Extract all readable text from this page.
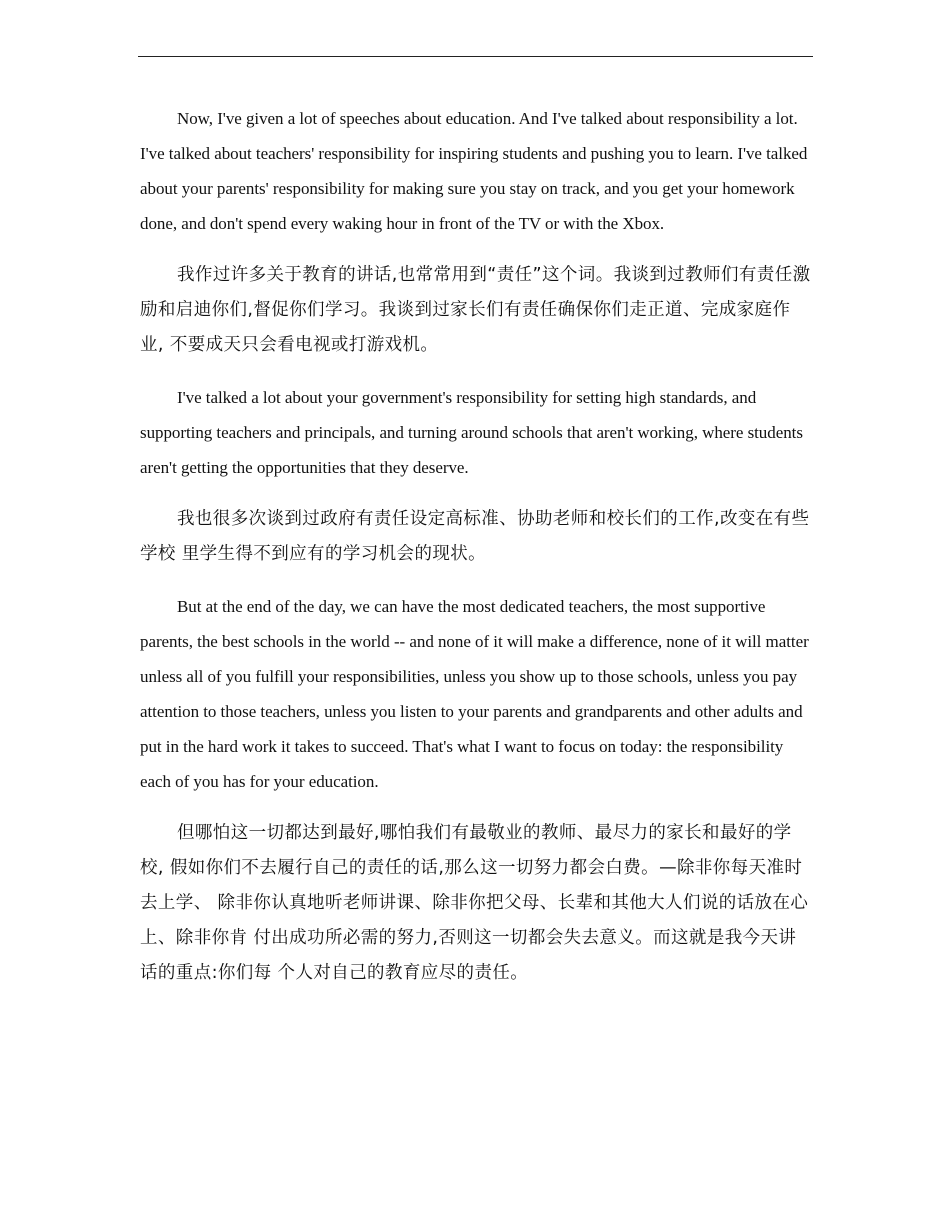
Now, I've given a lot of speeches about education. And I've talked about responsibility a lot. I've talked about teachers' responsibility for inspiring students and pushing you to learn. I've talked about your parents' responsibility for making sure you stay on track, and you get your homework done, and don't spend every waking hour in front of the TV or with the Xbox.

我作过许多关于教育的讲话,也常常用到“责任”这个词。我谈到过教师们有责任激 励和启迪你们,督促你们学习。我谈到过家长们有责任确保你们走正道、完成家庭作业, 不要成天只会看电视或打游戏机。

I've talked a lot about your government's responsibility for setting high standards, and supporting teachers and principals, and turning around schools that aren't working, where students aren't getting the opportunities that they deserve.

我也很多次谈到过政府有责任设定高标准、协助老师和校长们的工作,改变在有些学校 里学生得不到应有的学习机会的现状。

But at the end of the day, we can have the most dedicated teachers, the most supportive parents, the best schools in the world -- and none of it will make a difference, none of it will matter unless all of you fulfill your responsibilities, unless you show up to those schools, unless you pay attention to those teachers, unless you listen to your parents and grandparents and other adults and put in the hard work it takes to succeed. That's what I want to focus on today: the responsibility each of you has for your education.

但哪怕这一切都达到最好,哪怕我们有最敬业的教师、最尽力的家长和最好的学校, 假如你们不去履行自己的责任的话,那么这一切努力都会白费。—除非你每天准时去上学、 除非你认真地听老师讲课、除非你把父母、长辈和其他大人们说的话放在心上、除非你肯 付出成功所必需的努力,否则这一切都会失去意义。而这就是我今天讲话的重点:你们每 个人对自己的教育应尽的责任。
